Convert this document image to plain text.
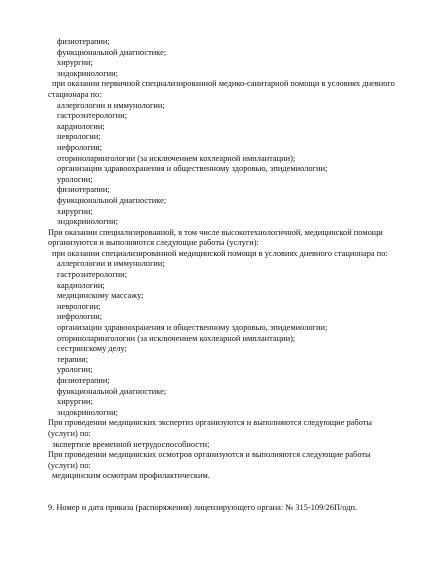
физиотерапии;
функциональной диагностике;
хирургии;
эндокринологии;
при оказании первичной специализированной медико-санитарной помощи в условиях дневного
стационара по:
аллергологии и иммунологии;
гастроэнтерологии;
кардиологии;
неврологии;
нефрологии;
оториноларингологии (за исключением кохлеарной имплантации);
организации здравоохранения и общественному здоровью, эпидемиологии;
урологии;
физиотерапии;
функциональной диагностике;
хирургии;
эндокринологии;
При оказании специализированной, в том числе высокотехнологичной, медицинской помощи
организуются и выполняются следующие работы (услуги):
при оказании специализированной медицинской помощи в условиях дневного стационара по:
аллергологии и иммунологии;
гастроэнтерологии;
кардиологии;
медицинскому массажу;
неврологии;
нефрологии;
организации здравоохранения и общественному здоровью, эпидемиологии;
оториноларингологии (за исключением кохлеарной имплантации);
сестринскому делу;
терапии;
урологии;
физиотерапии;
функциональной диагностике;
хирургии;
эндокринологии;
При проведении медицинских экспертиз организуются и выполняются следующие работы
(услуги) по:
экспертизе временной нетрудоспособности;
При проведении медицинских осмотров организуются и выполняются следующие работы
(услуги) по:
медицинским осмотрам профилактическим.
9. Номер и дата приказа (распоряжения) лицензирующего органа: № 315-109/26П/одп.
